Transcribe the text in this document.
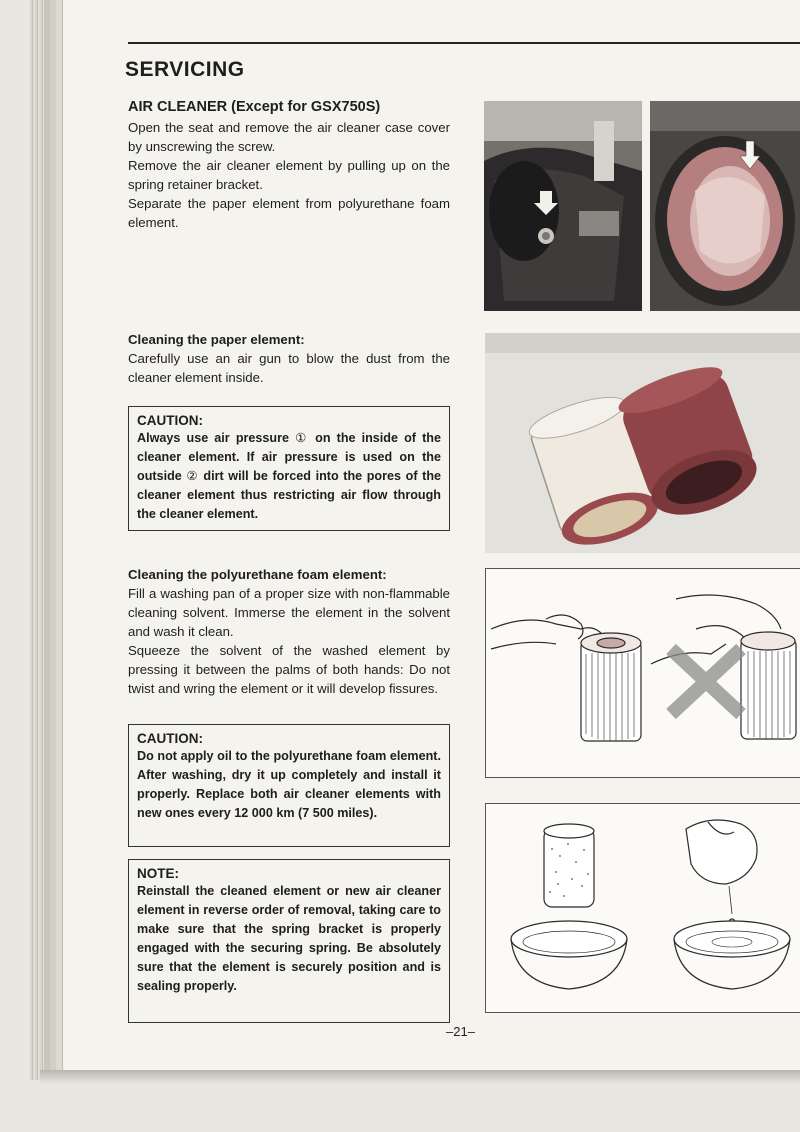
SERVICING
AIR CLEANER (Except for GSX750S)

Open the seat and remove the air cleaner case cover by unscrewing the screw.

Remove the air cleaner element by pulling up on the spring retainer bracket.

Separate the paper element from polyurethane foam element.

Cleaning the paper element:

Carefully use an air gun to blow the dust from the cleaner element inside.

CAUTION:
Always use air pressure ① on the inside of the cleaner element. If air pressure is used on the outside ② dirt will be forced into the pores of the cleaner element thus restricting air flow through the cleaner element.
Cleaning the polyurethane foam element:

Fill a washing pan of a proper size with non-flammable cleaning solvent. Immerse the element in the solvent and wash it clean.

Squeeze the solvent of the washed element by pressing it between the palms of both hands: Do not twist and wring the element or it will develop fissures.

CAUTION:
Do not apply oil to the polyurethane foam element. After washing, dry it up completely and install it properly. Replace both air cleaner elements with new ones every 12 000 km (7 500 miles).
NOTE:
Reinstall the cleaned element or new air cleaner element in reverse order of removal, taking care to make sure that the spring bracket is properly engaged with the securing spring. Be absolutely sure that the element is securely position and is sealing properly.
–21–
